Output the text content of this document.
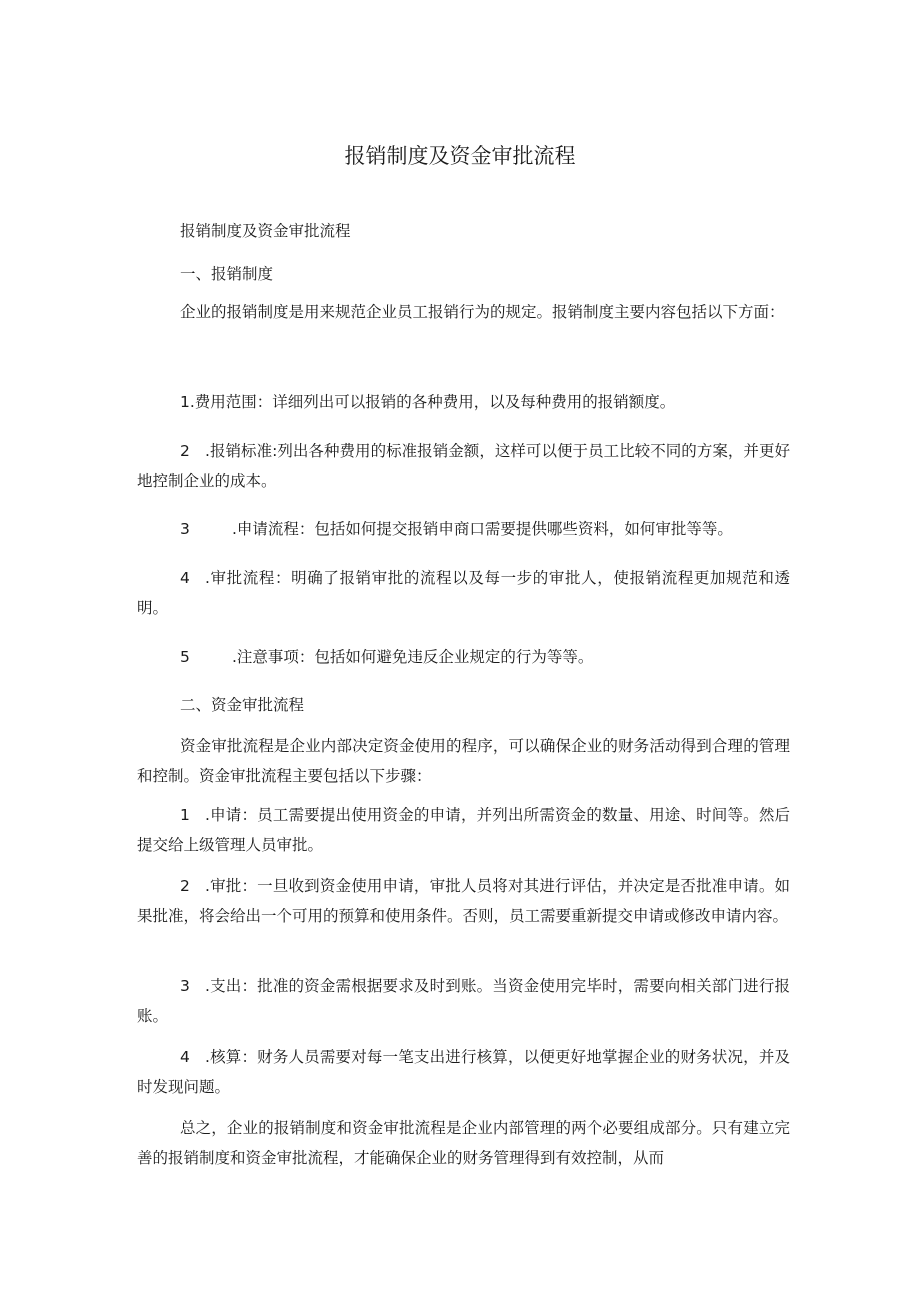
报销制度及资金审批流程

报销制度及资金审批流程

一、报销制度

企业的报销制度是用来规范企业员工报销行为的规定。报销制度主要内容包括以下方面：

1.费用范围：详细列出可以报销的各种费用，以及每种费用的报销额度。

2 .报销标准:列出各种费用的标准报销金额，这样可以便于员工比较不同的方案，并更好地控制企业的成本。

3	.申请流程：包括如何提交报销申商口需要提供哪些资料，如何审批等等。

4 .审批流程：明确了报销审批的流程以及每一步的审批人，使报销流程更加规范和透明。

5	.注意事项：包括如何避免违反企业规定的行为等等。

二、资金审批流程

资金审批流程是企业内部决定资金使用的程序，可以确保企业的财务活动得到合理的管理和控制。资金审批流程主要包括以下步骤：

1 .申请：员工需要提出使用资金的申请，并列出所需资金的数量、用途、时间等。然后提交给上级管理人员审批。

2 .审批：一旦收到资金使用申请，审批人员将对其进行评估，并决定是否批准申请。如果批准，将会给出一个可用的预算和使用条件。否则，员工需要重新提交申请或修改申请内容。

3 .支出：批准的资金需根据要求及时到账。当资金使用完毕时，需要向相关部门进行报账。

4 .核算：财务人员需要对每一笔支出进行核算，以便更好地掌握企业的财务状况，并及时发现问题。

总之，企业的报销制度和资金审批流程是企业内部管理的两个必要组成部分。只有建立完善的报销制度和资金审批流程，才能确保企业的财务管理得到有效控制，从而
